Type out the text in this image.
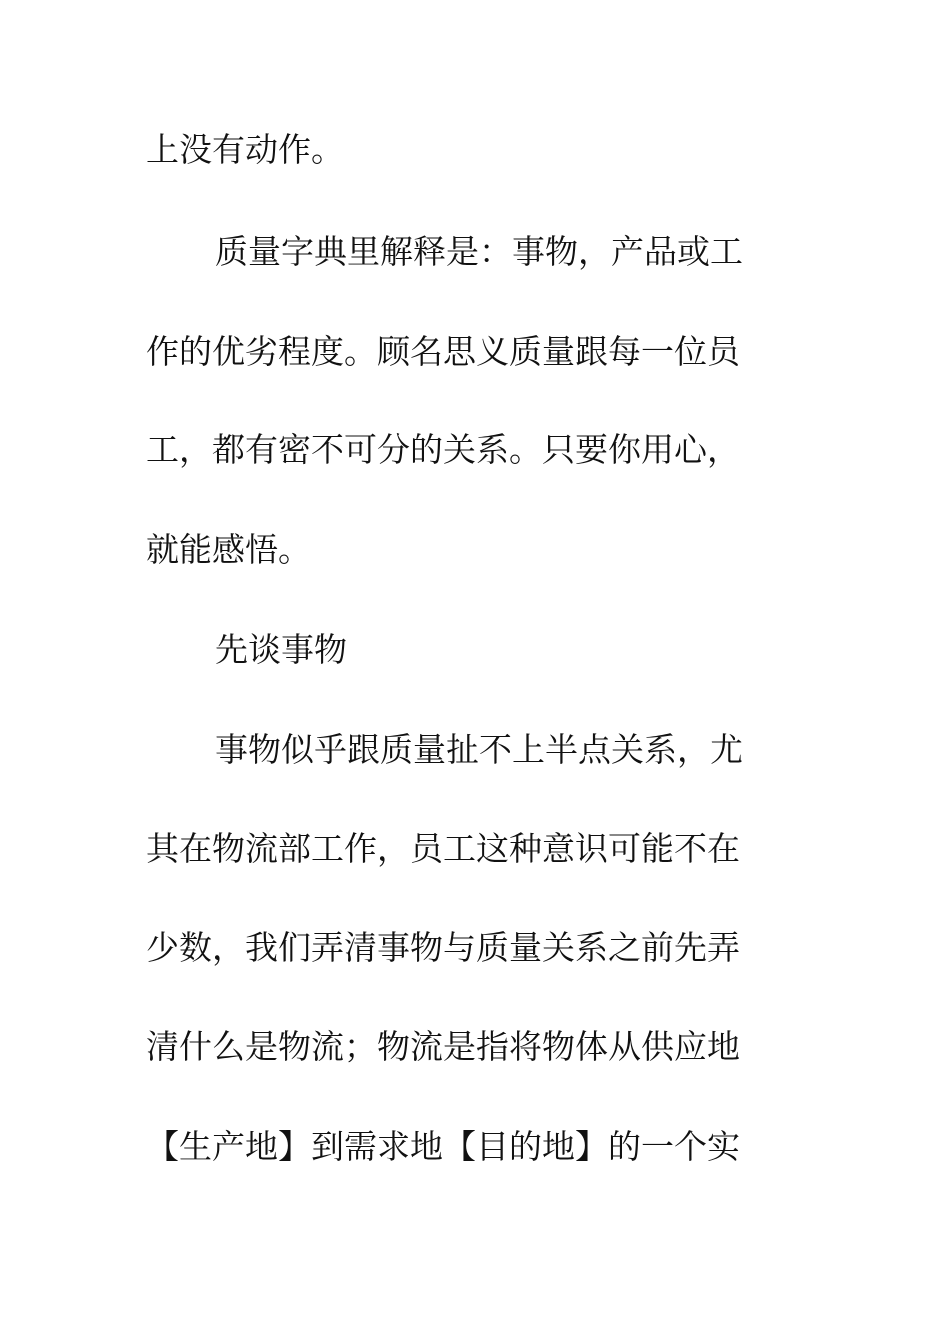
上没有动作。
质量字典里解释是：事物，产品或工
作的优劣程度。顾名思义质量跟每一位员
工，都有密不可分的关系。只要你用心，
就能感悟。
先谈事物
事物似乎跟质量扯不上半点关系，尤
其在物流部工作，员工这种意识可能不在
少数，我们弄清事物与质量关系之前先弄
清什么是物流；物流是指将物体从供应地
【生产地】到需求地【目的地】的一个实
